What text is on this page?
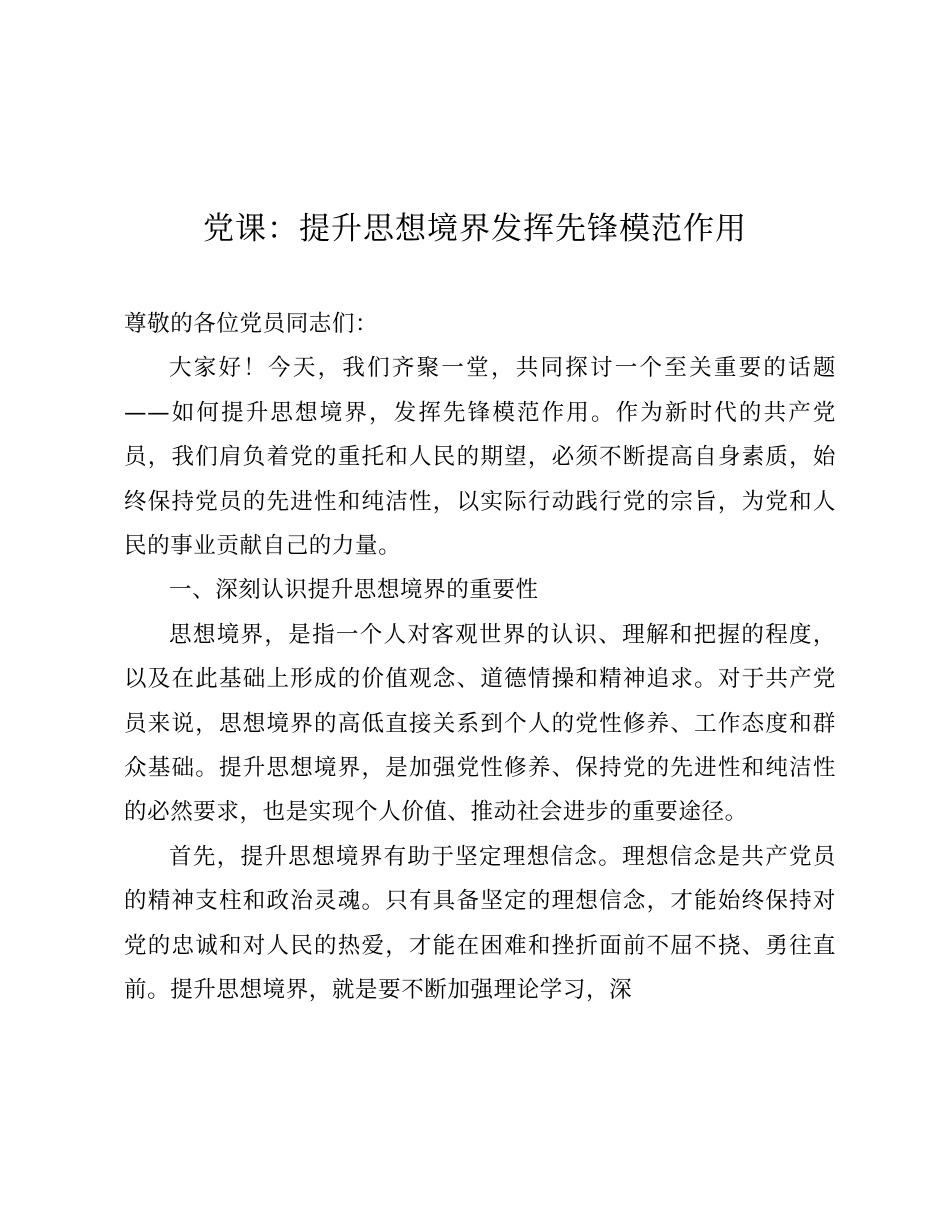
党课：提升思想境界发挥先锋模范作用

尊敬的各位党员同志们：

大家好！今天，我们齐聚一堂，共同探讨一个至关重要的话题——如何提升思想境界，发挥先锋模范作用。作为新时代的共产党员，我们肩负着党的重托和人民的期望，必须不断提高自身素质，始终保持党员的先进性和纯洁性，以实际行动践行党的宗旨，为党和人民的事业贡献自己的力量。

一、深刻认识提升思想境界的重要性

思想境界，是指一个人对客观世界的认识、理解和把握的程度，以及在此基础上形成的价值观念、道德情操和精神追求。对于共产党员来说，思想境界的高低直接关系到个人的党性修养、工作态度和群众基础。提升思想境界，是加强党性修养、保持党的先进性和纯洁性的必然要求，也是实现个人价值、推动社会进步的重要途径。

首先，提升思想境界有助于坚定理想信念。理想信念是共产党员的精神支柱和政治灵魂。只有具备坚定的理想信念，才能始终保持对党的忠诚和对人民的热爱，才能在困难和挫折面前不屈不挠、勇往直前。提升思想境界，就是要不断加强理论学习，深
